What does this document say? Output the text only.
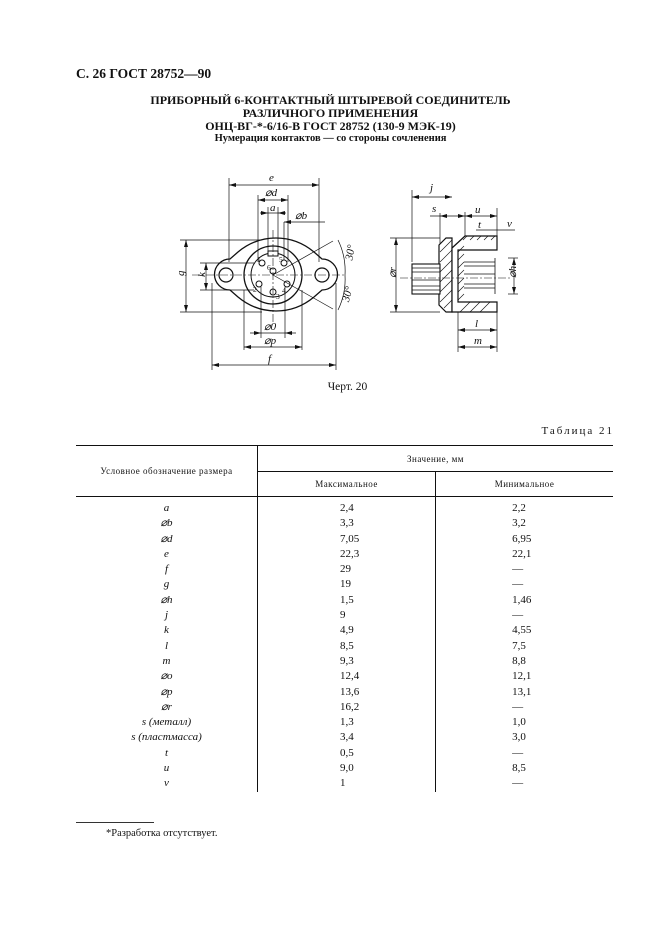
С. 26 ГОСТ 28752—90
ПРИБОРНЫЙ 6-КОНТАКТНЫЙ ШТЫРЕВОЙ СОЕДИНИТЕЛЬ
РАЗЛИЧНОГО ПРИМЕНЕНИЯ
ОНЦ-ВГ-*-6/16-В ГОСТ 28752 (130-9 МЭК-19)
Нумерация контактов — со стороны сочленения
1 5
6
2
3
4
e
⌀d
a
⌀b
g k
⌀0
⌀p
f
30°
30°
j
s	u
t v
⌀r	⌀h
l
m
Черт. 20
Таблица 21
Условное обозначение размера	Значение, мм	
	Максимальное	Минимальное
a	2,4	2,2
⌀b	3,3	3,2
⌀d	7,05	6,95
e	22,3	22,1
f	29	—
g	19	—
⌀h	1,5	1,46
j	9	—
k	4,9	4,55
l	8,5	7,5
m	9,3	8,8
⌀o	12,4	12,1
⌀p	13,6	13,1
⌀r	16,2	—
s (металл)	1,3	1,0
s (пластмасса)	3,4	3,0
t	0,5	—
u	9,0	8,5
v	1	—
*Разработка отсутствует.
